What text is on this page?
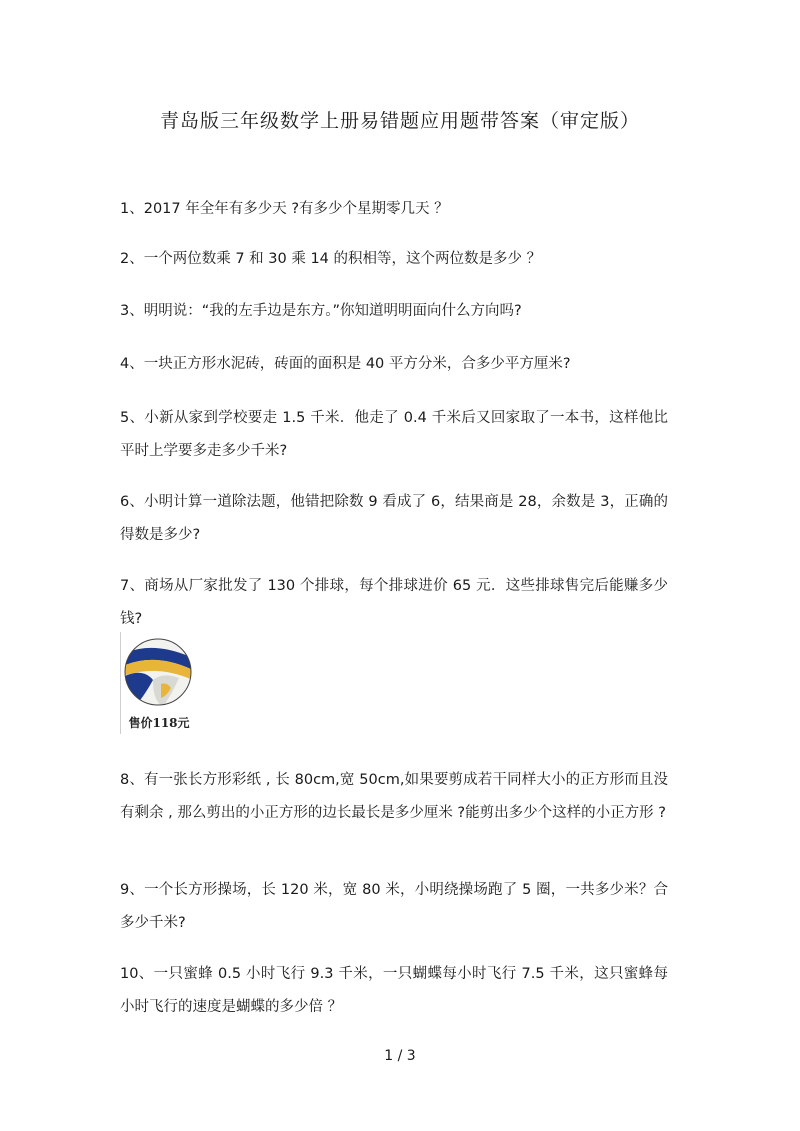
青岛版三年级数学上册易错题应用题带答案（审定版）
1、2017 年全年有多少天 ?有多少个星期零几天 ？
2、一个两位数乘 7 和 30 乘 14 的积相等，这个两位数是多少 ？
3、明明说：“我的左手边是东方。”你知道明明面向什么方向吗?
4、一块正方形水泥砖，砖面的面积是 40 平方分米，合多少平方厘米?
5、小新从家到学校要走 1.5 千米．他走了 0.4 千米后又回家取了一本书，这样他比平时上学要多走多少千米?
6、小明计算一道除法题，他错把除数 9 看成了 6，结果商是 28，余数是 3，正确的得数是多少?
7、商场从厂家批发了 130 个排球，每个排球进价 65 元．这些排球售完后能赚多少钱?
售价118元
8、有一张长方形彩纸 , 长 80cm,宽 50cm,如果要剪成若干同样大小的正方形而且没有剩余 , 那么剪出的小正方形的边长最长是多少厘米 ?能剪出多少个这样的小正方形 ?
9、一个长方形操场，长 120 米，宽 80 米，小明绕操场跑了 5 圈，一共多少米？合多少千米?
10、一只蜜蜂 0.5 小时飞行 9.3 千米，一只蝴蝶每小时飞行 7.5 千米，这只蜜蜂每小时飞行的速度是蝴蝶的多少倍 ？
1 / 3
